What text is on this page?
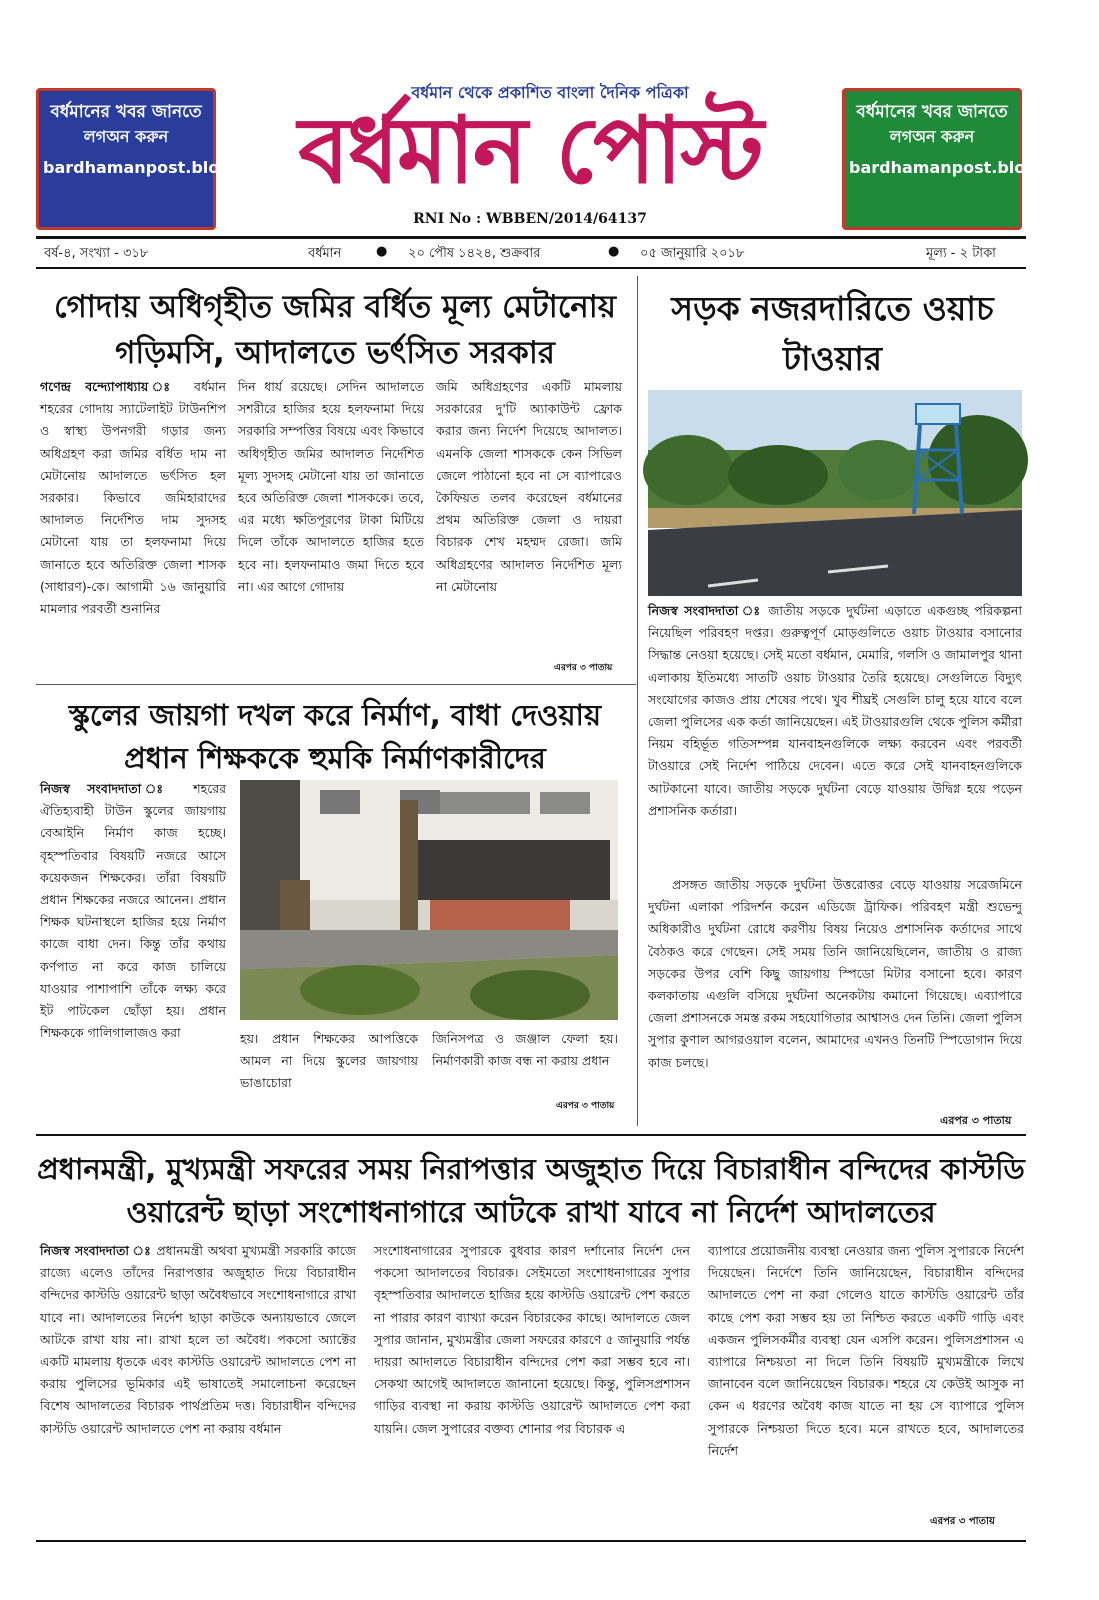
বর্ধমানের খবর জানতে
লগঅন করুন
bardhamanpost.blogspot.in
বর্ধমানের খবর জানতে
লগঅন করুন
bardhamanpost.blogspot.in
বর্ধমান থেকে প্রকাশিত বাংলা দৈনিক পত্রিকা
বর্ধমান পোস্ট
RNI No : WBBEN/2014/64137
বর্ষ-৪, সংখ্যা - ৩১৮	বর্ধমান	● ২০ পৌষ ১৪২৪, শুক্রবার	● ০৫ জানুয়ারি ২০১৮	মূল্য - ২ টাকা
গোদায় অধিগৃহীত জমির বর্ধিত মূল্য মেটানোয় গড়িমসি, আদালতে ভর্ৎসিত সরকার
গণেন্দ্র বন্দ্যোপাধ্যায় ঃ বর্ধমান শহরের গোদায় স্যাটেলাইট টাউনশিপ ও স্বাস্থ্য উপনগরী গড়ার জন্য অধিগ্রহণ করা জমির বর্ধিত দাম না মেটানোয় আদালতে ভর্ৎসিত হল সরকার। কিভাবে জমিহারাদের আদালত নির্দেশিত দাম সুদসহ মেটানো যায় তা হলফনামা দিয়ে জানাতে হবে অতিরিক্ত জেলা শাসক (সাধারণ)-কে। আগামী ১৬ জানুয়ারি মামলার পরবর্তী শুনানির
দিন ধার্য রয়েছে। সেদিন আদালতে সশরীরে হাজির হয়ে হলফনামা দিয়ে সরকারি সম্পত্তির বিষয়ে এবং কিভাবে অধিগৃহীত জমির আদালত নির্দেশিত মূল্য সুদসহ মেটানো যায় তা জানাতে হবে অতিরিক্ত জেলা শাসককে। তবে, এর মধ্যে ক্ষতিপূরণের টাকা মিটিয়ে দিলে তাঁকে আদালতে হাজির হতে হবে না। হলফনামাও জমা দিতে হবে না। এর আগে গোদায়
জমি অধিগ্রহণের একটি মামলায় সরকারের দু'টি অ্যাকাউন্ট ফ্রোক করার জন্য নির্দেশ দিয়েছে আদালত। এমনকি জেলা শাসককে কেন সিভিল জেলে পাঠানো হবে না সে ব্যাপারেও কৈফিয়ত তলব করেছেন বর্ধমানের প্রথম অতিরিক্ত জেলা ও দায়রা বিচারক শেখ মহম্মদ রেজা। জমি অধিগ্রহণের আদালত নির্দেশিত মূল্য না মেটানোয়
এরপর ৩ পাতায়
সড়ক নজরদারিতে ওয়াচ টাওয়ার
নিজস্ব সংবাদদাতা ঃ জাতীয় সড়কে দুর্ঘটনা এড়াতে একগুচ্ছ পরিকল্পনা নিয়েছিল পরিবহণ দপ্তর। গুরুত্বপূর্ণ মোড়গুলিতে ওয়াচ টাওয়ার বসানোর সিদ্ধান্ত নেওয়া হয়েছে। সেই মতো বর্ধমান, মেমারি, গলসি ও জামালপুর থানা এলাকায় ইতিমধ্যে সাতটি ওয়াচ টাওয়ার তৈরি হয়েছে। সেগুলিতে বিদ্যুৎ সংযোগের কাজও প্রায় শেষের পথে। খুব শীঘ্রই সেগুলি চালু হয়ে যাবে বলে জেলা পুলিসের এক কর্তা জানিয়েছেন। এই টাওয়ারগুলি থেকে পুলিস কর্মীরা নিয়ম বহির্ভূত গতিসম্পন্ন যানবাহনগুলিকে লক্ষ্য করবেন এবং পরবর্তী টাওয়ারে সেই নির্দেশ পাঠিয়ে দেবেন। এতে করে সেই যানবাহনগুলিকে আটকানো যাবে। জাতীয় সড়কে দুর্ঘটনা বেড়ে যাওয়ায় উদ্বিগ্ন হয়ে পড়েন প্রশাসনিক কর্তারা।
প্রসঙ্গত জাতীয় সড়কে দুর্ঘটনা উত্তরোত্তর বেড়ে যাওয়ায় সরেজমিনে দুর্ঘটনা এলাকা পরিদর্শন করেন এডিজে ট্রাফিক। পরিবহণ মন্ত্রী শুভেন্দু অধিকারীও দুর্ঘটনা রোধে করণীয় বিষয় নিয়েও প্রশাসনিক কর্তাদের সাথে বৈঠকও করে গেছেন। সেই সময় তিনি জানিয়েছিলেন, জাতীয় ও রাজ্য সড়কের উপর বেশি কিছু জায়গায় স্পিডো মিটার বসানো হবে। কারণ কলকাতায় এগুলি বসিয়ে দুর্ঘটনা অনেকটায় কমানো গিয়েছে। এব্যাপারে জেলা প্রশাসনকে সমস্ত রকম সহযোগিতার আশ্বাসও দেন তিনি। জেলা পুলিস সুপার কুণাল আগরওয়াল বলেন, আমাদের এখনও তিনটি স্পিডোগান দিয়ে কাজ চলছে।
এরপর ৩ পাতায়
স্কুলের জায়গা দখল করে নির্মাণ, বাধা দেওয়ায় প্রধান শিক্ষককে হুমকি নির্মাণকারীদের
নিজস্ব সংবাদদাতা ঃ শহরের ঐতিহ্যবাহী টাউন স্কুলের জায়গায় বেআইনি নির্মাণ কাজ হচ্ছে। বৃহস্পতিবার বিষয়টি নজরে আসে কয়েকজন শিক্ষকের। তাঁরা বিষয়টি প্রধান শিক্ষকের নজরে আনেন। প্রধান শিক্ষক ঘটনাস্থলে হাজির হয়ে নির্মাণ কাজে বাধা দেন। কিন্তু তাঁর কথায় কর্ণপাত না করে কাজ চালিয়ে যাওয়ার পাশাপাশি তাঁকে লক্ষ্য করে ইট পাটকেল ছোঁড়া হয়। প্রধান শিক্ষককে গালিগালাজও করা	হয়। প্রধান শিক্ষকের আপত্তিকে আমল না দিয়ে স্কুলের জায়গায় ভাঙাচোরা
জিনিসপত্র ও জঞ্জাল ফেলা হয়। নির্মাণকারী কাজ বন্ধ না করায় প্রধান
এরপর ৩ পাতায়
প্রধানমন্ত্রী, মুখ্যমন্ত্রী সফরের সময় নিরাপত্তার অজুহাত দিয়ে বিচারাধীন বন্দিদের কাস্টডি ওয়ারেন্ট ছাড়া সংশোধনাগারে আটকে রাখা যাবে না নির্দেশ আদালতের
নিজস্ব সংবাদদাতা ঃ প্রধানমন্ত্রী অথবা মুখ্যমন্ত্রী সরকারি কাজে রাজ্যে এলেও তাঁদের নিরাপত্তার অজুহাত দিয়ে বিচারাধীন বন্দিদের কাস্টডি ওয়ারেন্ট ছাড়া অবৈধভাবে সংশোধনাগারে রাখা যাবে না। আদালতের নির্দেশ ছাড়া কাউকে অন্যায়ভাবে জেলে আটকে রাখা যায় না। রাখা হলে তা অবৈধ। পকসো অ্যাক্টের একটি মামলায় ধৃতকে এবং কাস্টডি ওয়ারেন্ট আদালতে পেশ না করায় পুলিসের ভূমিকার এই ভাষাতেই সমালোচনা করেছেন বিশেষ আদালতের বিচারক পার্থপ্রতিম দত্ত। বিচারাধীন বন্দিদের কাস্টডি ওয়ারেন্ট আদালতে পেশ না করায় বর্ধমান
সংশোধনাগারের সুপারকে বুধবার কারণ দর্শানোর নির্দেশ দেন পকসো আদালতের বিচারক। সেইমতো সংশোধনাগারের সুপার বৃহস্পতিবার আদালতে হাজির হয়ে কাস্টডি ওয়ারেন্ট পেশ করতে না পারার কারণ ব্যাখ্যা করেন বিচারকের কাছে। আদালতে জেল সুপার জানান, মুখ্যমন্ত্রীর জেলা সফরের কারণে ৫ জানুয়ারি পর্যন্ত দায়রা আদালতে বিচারাধীন বন্দিদের পেশ করা সম্ভব হবে না। সেকথা আগেই আদালতে জানানো হয়েছে। কিন্তু, পুলিসপ্রশাসন গাড়ির ব্যবস্থা না করায় কাস্টডি ওয়ারেন্ট আদালতে পেশ করা যায়নি। জেল সুপারের বক্তব্য শোনার পর বিচারক এ
ব্যাপারে প্রয়োজনীয় ব্যবস্থা নেওয়ার জন্য পুলিস সুপারকে নির্দেশ দিয়েছেন। নির্দেশে তিনি জানিয়েছেন, বিচারাধীন বন্দিদের আদালতে পেশ না করা গেলেও যাতে কাস্টডি ওয়ারেন্ট তাঁর কাছে পেশ করা সম্ভব হয় তা নিশ্চিত করতে একটি গাড়ি এবং একজন পুলিসকর্মীর ব্যবস্থা যেন এসপি করেন। পুলিসপ্রশাসন এ ব্যাপারে নিশ্চয়তা না দিলে তিনি বিষয়টি মুখ্যমন্ত্রীকে লিখে জানাবেন বলে জানিয়েছেন বিচারক। শহরে যে কেউই আসুক না কেন এ ধরণের অবৈধ কাজ যাতে না হয় সে ব্যাপারে পুলিস সুপারকে নিশ্চয়তা দিতে হবে। মনে রাখতে হবে, আদালতের নির্দেশ
এরপর ৩ পাতায়
